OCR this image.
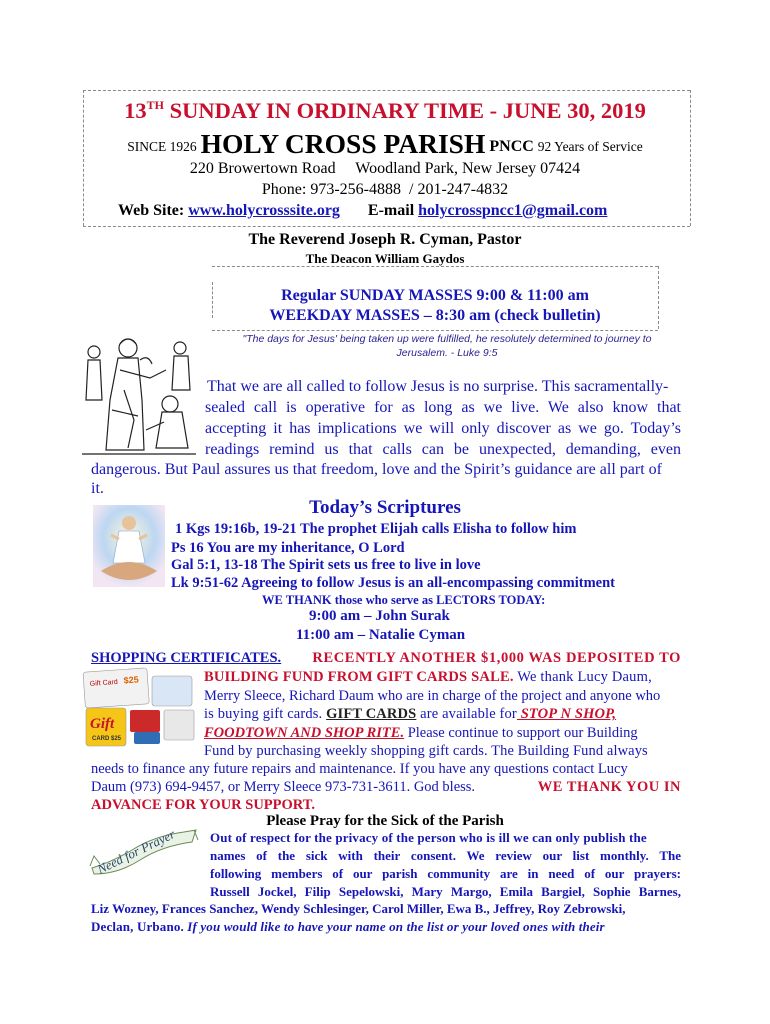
13TH SUNDAY IN ORDINARY TIME - JUNE 30, 2019
SINCE 1926 HOLY CROSS PARISH PNCC 92 Years of Service
220 Browertown Road     Woodland Park, New Jersey 07424
Phone: 973-256-4888  / 201-247-4832
Web Site: www.holycrosssite.org E-mail holycrosspncc1@gmail.com
The Reverend Joseph R. Cyman, Pastor
The Deacon William Gaydos
Regular SUNDAY MASSES 9:00 & 11:00 am
WEEKDAY MASSES – 8:30 am (check bulletin)
"The days for Jesus' being taken up were fulfilled, he resolutely determined to journey to
Jerusalem. - Luke 9:5
That we are all called to follow Jesus is no surprise. This sacramentally-
sealed call is operative for as long as we live. We also know that
accepting it has implications we will only discover as we go. Today’s
readings remind us that calls can be unexpected, demanding, even
dangerous. But Paul assures us that freedom, love and the Spirit’s guidance are all part of
it.
Today’s Scriptures
1 Kgs 19:16b, 19-21 The prophet Elijah calls Elisha to follow him
Ps 16 You are my inheritance, O Lord
Gal 5:1, 13-18 The Spirit sets us free to live in love
Lk 9:51-62 Agreeing to follow Jesus is an all-encompassing commitment
WE THANK those who serve as LECTORS TODAY:
9:00 am – John Surak
11:00 am – Natalie Cyman
SHOPPING CERTIFICATES. RECENTLY ANOTHER $1,000 WAS DEPOSITED TO
Gift Card $25
Gift
CARD $25
BUILDING FUND FROM GIFT CARDS SALE. We thank Lucy Daum,
Merry Sleece, Richard Daum who are in charge of the project and anyone who
is buying gift cards. GIFT CARDS are available for STOP N SHOP,
FOODTOWN AND SHOP RITE. Please continue to support our Building
Fund by purchasing weekly shopping gift cards. The Building Fund always
needs to finance any future repairs and maintenance. If you have any questions contact Lucy
Daum (973) 694-9457, or Merry Sleece 973-731-3611. God bless.	WE THANK YOU IN
ADVANCE FOR YOUR SUPPORT.
Please Pray for the Sick of the Parish
Need for Prayer	Out of respect for the privacy of the person who is ill we can only publish the
names of the sick with their consent. We review our list monthly. The
following members of our parish community are in need of our prayers:
Russell Jockel, Filip Sepelowski, Mary Margo, Emila Bargiel, Sophie Barnes,
Liz Wozney, Frances Sanchez, Wendy Schlesinger, Carol Miller, Ewa B., Jeffrey, Roy Zebrowski,
Declan, Urbano. If you would like to have your name on the list or your loved ones with their
